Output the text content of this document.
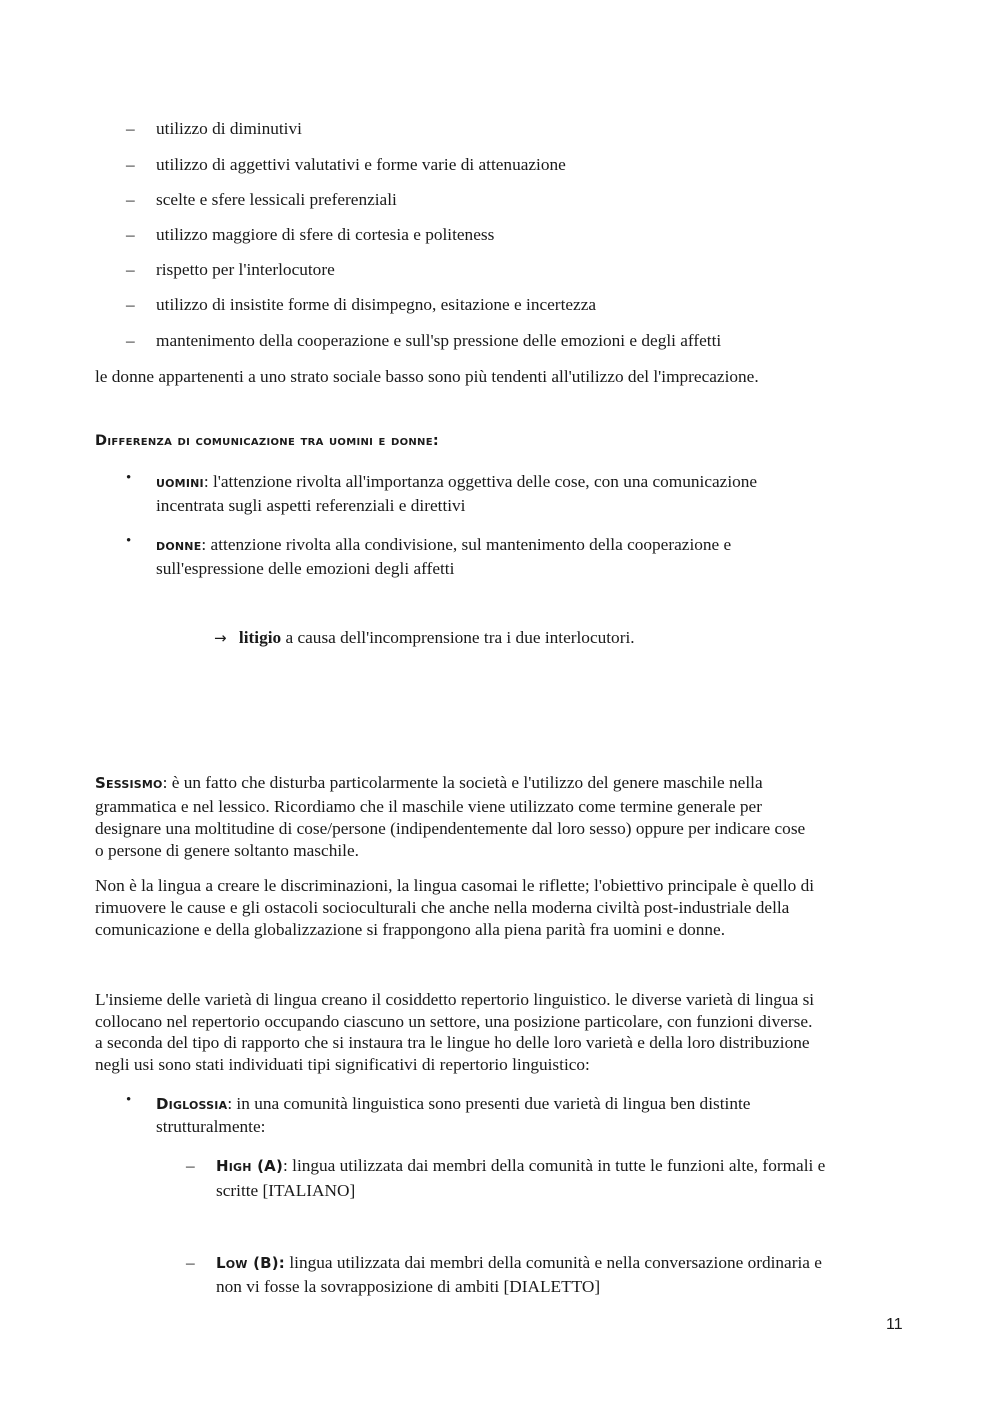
– utilizzo di diminutivi
– utilizzo di aggettivi valutativi e forme varie di attenuazione
– scelte e sfere lessicali preferenziali
– utilizzo maggiore di sfere di cortesia e politeness
– rispetto per l'interlocutore
– utilizzo di insistite forme di disimpegno, esitazione e incertezza
– mantenimento della cooperazione e sull'sp pressione delle emozioni e degli affetti
le donne appartenenti a uno strato sociale basso sono più tendenti all'utilizzo del l'imprecazione.
Differenza di comunicazione tra uomini e donne:
• uomini: l'attenzione rivolta all'importanza oggettiva delle cose, con una comunicazione
incentrata sugli aspetti referenziali e direttivi
• donne: attenzione rivolta alla condivisione, sul mantenimento della cooperazione e
sull'espressione delle emozioni degli affetti
→ litigio a causa dell'incomprensione tra i due interlocutori.
Sessismo: è un fatto che disturba particolarmente la società e l'utilizzo del genere maschile nella
grammatica e nel lessico. Ricordiamo che il maschile viene utilizzato come termine generale per
designare una moltitudine di cose/persone (indipendentemente dal loro sesso) oppure per indicare cose
o persone di genere soltanto maschile.
Non è la lingua a creare le discriminazioni, la lingua casomai le riflette; l'obiettivo principale è quello di
rimuovere le cause e gli ostacoli socioculturali che anche nella moderna civiltà post-industriale della
comunicazione e della globalizzazione si frappongono alla piena parità fra uomini e donne.
L'insieme delle varietà di lingua creano il cosiddetto repertorio linguistico. le diverse varietà di lingua si
collocano nel repertorio occupando ciascuno un settore, una posizione particolare, con funzioni diverse.
a seconda del tipo di rapporto che si instaura tra le lingue ho delle loro varietà e della loro distribuzione
negli usi sono stati individuati tipi significativi di repertorio linguistico:
• Diglossia: in una comunità linguistica sono presenti due varietà di lingua ben distinte
strutturalmente:
– High (A): lingua utilizzata dai membri della comunità in tutte le funzioni alte, formali e
scritte [ITALIANO]
– Low (B): lingua utilizzata dai membri della comunità e nella conversazione ordinaria e
non vi fosse la sovrapposizione di ambiti [DIALETTO]
11
